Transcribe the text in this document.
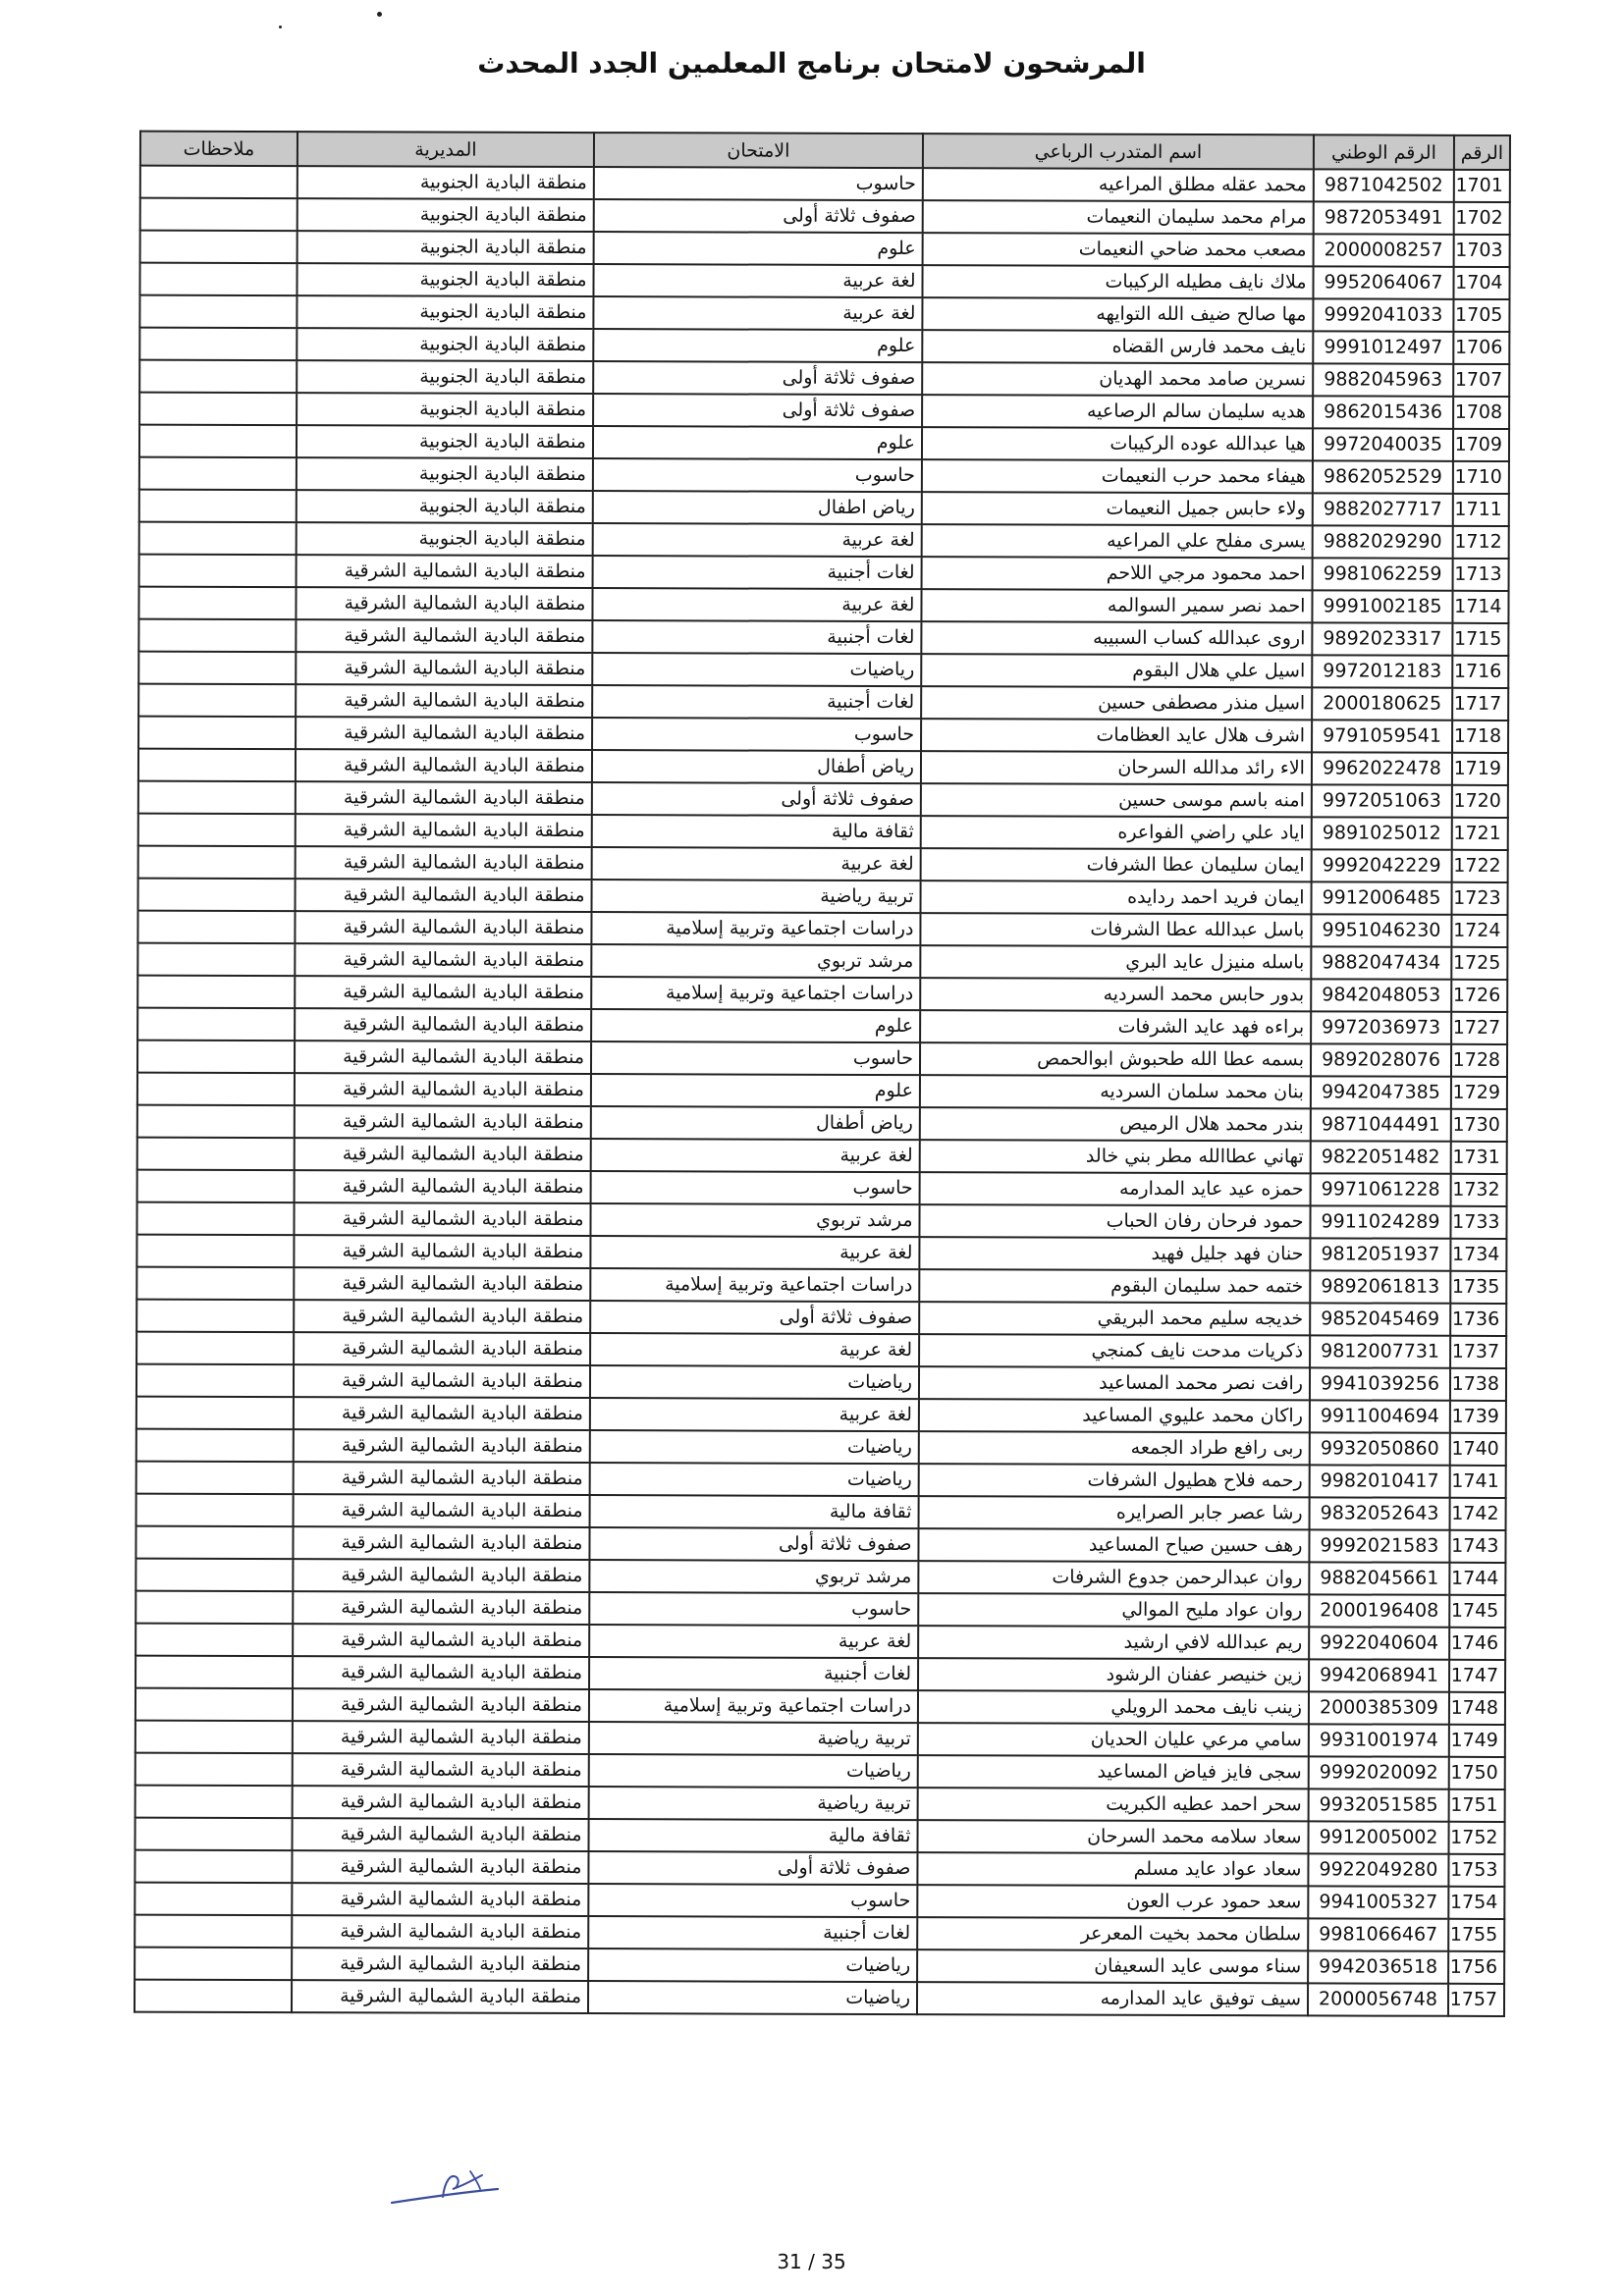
المرشحون لامتحان برنامج المعلمين الجدد المحدث
الرقم	الرقم الوطني	اسم المتدرب الرباعي	الامتحان	المديرية	ملاحظات
1701	9871042502	محمد عقله مطلق المراعيه	حاسوب	منطقة البادية الجنوبية	
1702	9872053491	مرام محمد سليمان النعيمات	صفوف ثلاثة أولى	منطقة البادية الجنوبية	
1703	2000008257	مصعب محمد ضاحي النعيمات	علوم	منطقة البادية الجنوبية	
1704	9952064067	ملاك نايف مطيله الركيبات	لغة عربية	منطقة البادية الجنوبية	
1705	9992041033	مها صالح ضيف الله التوايهه	لغة عربية	منطقة البادية الجنوبية	
1706	9991012497	نايف محمد فارس القضاه	علوم	منطقة البادية الجنوبية	
1707	9882045963	نسرين صامد محمد الهديان	صفوف ثلاثة أولى	منطقة البادية الجنوبية	
1708	9862015436	هديه سليمان سالم الرصاعيه	صفوف ثلاثة أولى	منطقة البادية الجنوبية	
1709	9972040035	هيا عبدالله عوده الركيبات	علوم	منطقة البادية الجنوبية	
1710	9862052529	هيفاء محمد حرب النعيمات	حاسوب	منطقة البادية الجنوبية	
1711	9882027717	ولاء حابس جميل النعيمات	رياض اطفال	منطقة البادية الجنوبية	
1712	9882029290	يسرى مفلح علي المراعيه	لغة عربية	منطقة البادية الجنوبية	
1713	9981062259	احمد محمود مرجي اللاحم	لغات أجنبية	منطقة البادية الشمالية الشرقية	
1714	9991002185	احمد نصر سمير السوالمه	لغة عربية	منطقة البادية الشمالية الشرقية	
1715	9892023317	اروى عبدالله كساب السبيبه	لغات أجنبية	منطقة البادية الشمالية الشرقية	
1716	9972012183	اسيل علي هلال البقوم	رياضيات	منطقة البادية الشمالية الشرقية	
1717	2000180625	اسيل منذر مصطفى حسين	لغات أجنبية	منطقة البادية الشمالية الشرقية	
1718	9791059541	اشرف هلال عايد العظامات	حاسوب	منطقة البادية الشمالية الشرقية	
1719	9962022478	الاء رائد مدالله السرحان	رياض أطفال	منطقة البادية الشمالية الشرقية	
1720	9972051063	امنه باسم موسى حسين	صفوف ثلاثة أولى	منطقة البادية الشمالية الشرقية	
1721	9891025012	اياد علي راضي الفواعره	ثقافة مالية	منطقة البادية الشمالية الشرقية	
1722	9992042229	ايمان سليمان عطا الشرفات	لغة عربية	منطقة البادية الشمالية الشرقية	
1723	9912006485	ايمان فريد احمد ردايده	تربية رياضية	منطقة البادية الشمالية الشرقية	
1724	9951046230	باسل عبدالله عطا الشرفات	دراسات اجتماعية وتربية إسلامية	منطقة البادية الشمالية الشرقية	
1725	9882047434	باسله منيزل عايد البري	مرشد تربوي	منطقة البادية الشمالية الشرقية	
1726	9842048053	بدور حابس محمد السرديه	دراسات اجتماعية وتربية إسلامية	منطقة البادية الشمالية الشرقية	
1727	9972036973	براءه فهد عايد الشرفات	علوم	منطقة البادية الشمالية الشرقية	
1728	9892028076	بسمه عطا الله طحبوش ابوالحمص	حاسوب	منطقة البادية الشمالية الشرقية	
1729	9942047385	بنان محمد سلمان السرديه	علوم	منطقة البادية الشمالية الشرقية	
1730	9871044491	بندر محمد هلال الرميص	رياض أطفال	منطقة البادية الشمالية الشرقية	
1731	9822051482	تهاني عطاالله مطر بني خالد	لغة عربية	منطقة البادية الشمالية الشرقية	
1732	9971061228	حمزه عيد عايد المدارمه	حاسوب	منطقة البادية الشمالية الشرقية	
1733	9911024289	حمود فرحان رفان الحباب	مرشد تربوي	منطقة البادية الشمالية الشرقية	
1734	9812051937	حنان فهد جليل فهيد	لغة عربية	منطقة البادية الشمالية الشرقية	
1735	9892061813	ختمه حمد سليمان البقوم	دراسات اجتماعية وتربية إسلامية	منطقة البادية الشمالية الشرقية	
1736	9852045469	خديجه سليم محمد البريقي	صفوف ثلاثة أولى	منطقة البادية الشمالية الشرقية	
1737	9812007731	ذكريات مدحت نايف كمنجي	لغة عربية	منطقة البادية الشمالية الشرقية	
1738	9941039256	رافت نصر محمد المساعيد	رياضيات	منطقة البادية الشمالية الشرقية	
1739	9911004694	راكان محمد عليوي المساعيد	لغة عربية	منطقة البادية الشمالية الشرقية	
1740	9932050860	ربى رافع طراد الجمعه	رياضيات	منطقة البادية الشمالية الشرقية	
1741	9982010417	رحمه فلاح هطيول الشرفات	رياضيات	منطقة البادية الشمالية الشرقية	
1742	9832052643	رشا عصر جابر الصرايره	ثقافة مالية	منطقة البادية الشمالية الشرقية	
1743	9992021583	رهف حسين صياح المساعيد	صفوف ثلاثة أولى	منطقة البادية الشمالية الشرقية	
1744	9882045661	روان عبدالرحمن جدوع الشرفات	مرشد تربوي	منطقة البادية الشمالية الشرقية	
1745	2000196408	روان عواد مليح الموالي	حاسوب	منطقة البادية الشمالية الشرقية	
1746	9922040604	ريم عبدالله لافي ارشيد	لغة عربية	منطقة البادية الشمالية الشرقية	
1747	9942068941	زين خنيصر عفنان الرشود	لغات أجنبية	منطقة البادية الشمالية الشرقية	
1748	2000385309	زينب نايف محمد الرويلي	دراسات اجتماعية وتربية إسلامية	منطقة البادية الشمالية الشرقية	
1749	9931001974	سامي مرعي عليان الحديان	تربية رياضية	منطقة البادية الشمالية الشرقية	
1750	9992020092	سجى فايز فياض المساعيد	رياضيات	منطقة البادية الشمالية الشرقية	
1751	9932051585	سحر احمد عطيه الكبريت	تربية رياضية	منطقة البادية الشمالية الشرقية	
1752	9912005002	سعاد سلامه محمد السرحان	ثقافة مالية	منطقة البادية الشمالية الشرقية	
1753	9922049280	سعاد عواد عايد مسلم	صفوف ثلاثة أولى	منطقة البادية الشمالية الشرقية	
1754	9941005327	سعد حمود عرب العون	حاسوب	منطقة البادية الشمالية الشرقية	
1755	9981066467	سلطان محمد بخيت المعرعر	لغات أجنبية	منطقة البادية الشمالية الشرقية	
1756	9942036518	سناء موسى عايد السعيفان	رياضيات	منطقة البادية الشمالية الشرقية	
1757	2000056748	سيف توفيق عايد المدارمه	رياضيات	منطقة البادية الشمالية الشرقية	
31 / 35
